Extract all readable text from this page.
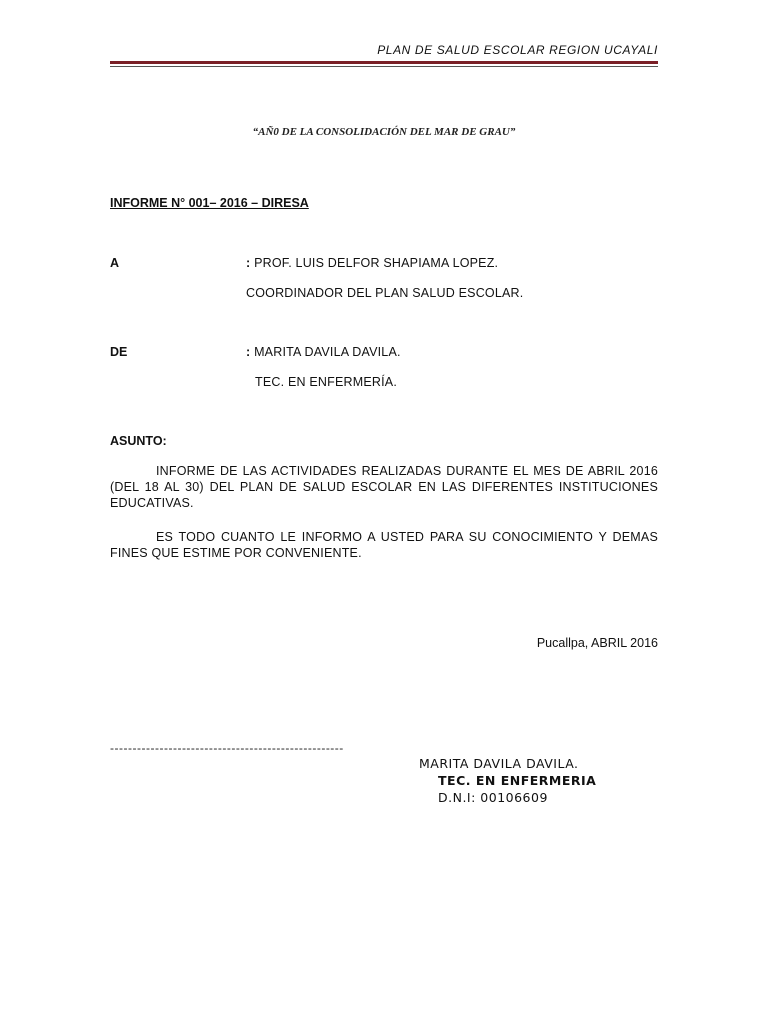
PLAN DE SALUD ESCOLAR REGION UCAYALI
“AÑ0 DE LA CONSOLIDACIÓN DEL MAR DE GRAU”
INFORME N° 001– 2016 – DIRESA
A	: PROF. LUIS DELFOR SHAPIAMA LOPEZ.
COORDINADOR DEL PLAN SALUD ESCOLAR.
DE	: MARITA DAVILA DAVILA.
TEC. EN ENFERMERÍA.
ASUNTO:
INFORME DE LAS ACTIVIDADES REALIZADAS DURANTE EL MES DE ABRIL 2016 (DEL 18 AL 30) DEL PLAN DE SALUD ESCOLAR EN LAS DIFERENTES INSTITUCIONES EDUCATIVAS.
ES TODO CUANTO LE INFORMO A USTED PARA SU CONOCIMIENTO Y DEMAS FINES QUE ESTIME POR CONVENIENTE.
Pucallpa, ABRIL 2016
----------------------------------------------------
MARITA DAVILA DAVILA.
TEC. EN ENFERMERIA
D.N.I: 00106609
